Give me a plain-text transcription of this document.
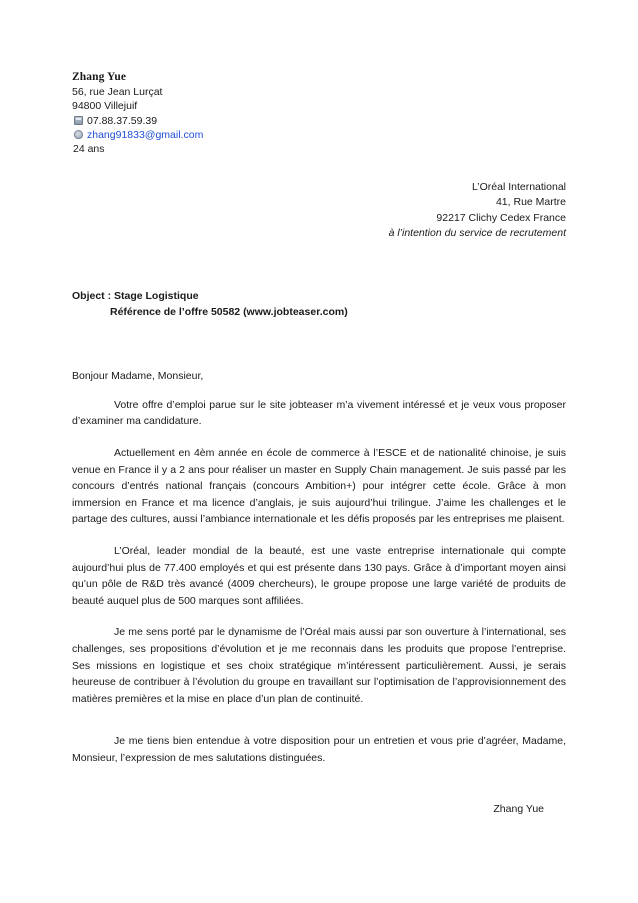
Zhang Yue
56, rue Jean Lurçat
94800 Villejuif
07.88.37.59.39
zhang91833@gmail.com
24 ans
L’Oréal International
41, Rue Martre
92217 Clichy Cedex France
à l’intention du service de recrutement
Object : Stage Logistique
Référence de l’offre 50582 (www.jobteaser.com)
Bonjour Madame, Monsieur,

Votre offre d’emploi parue sur le site jobteaser m’a vivement intéressé et je veux vous proposer d’examiner ma candidature.

Actuellement en 4èm année en école de commerce à l’ESCE et de nationalité chinoise, je suis venue en France il y a 2 ans pour réaliser un master en Supply Chain management. Je suis passé par les concours d’entrés national français (concours Ambition+) pour intégrer cette école. Grâce à mon immersion en France et ma licence d’anglais, je suis aujourd’hui trilingue. J’aime les challenges et le partage des cultures, aussi l’ambiance internationale et les défis proposés par les entreprises me plaisent.

L’Oréal, leader mondial de la beauté, est une vaste entreprise internationale qui compte aujourd’hui plus de 77.400 employés et qui est présente dans 130 pays. Grâce à d’important moyen ainsi qu’un pôle de R&D très avancé (4009 chercheurs), le groupe propose une large variété de produits de beauté auquel plus de 500 marques sont affiliées.

Je me sens porté par le dynamisme de l’Oréal mais aussi par son ouverture à l’international, ses challenges, ses propositions d’évolution et je me reconnais dans les produits que propose l’entreprise. Ses missions en logistique et ses choix stratégique m’intéressent particulièrement. Aussi, je serais heureuse de contribuer à l’évolution du groupe en travaillant sur l’optimisation de l’approvisionnement des matières premières et la mise en place d’un plan de continuité.

Je me tiens bien entendue à votre disposition pour un entretien et vous prie d’agréer, Madame, Monsieur, l’expression de mes salutations distinguées.

Zhang Yue
